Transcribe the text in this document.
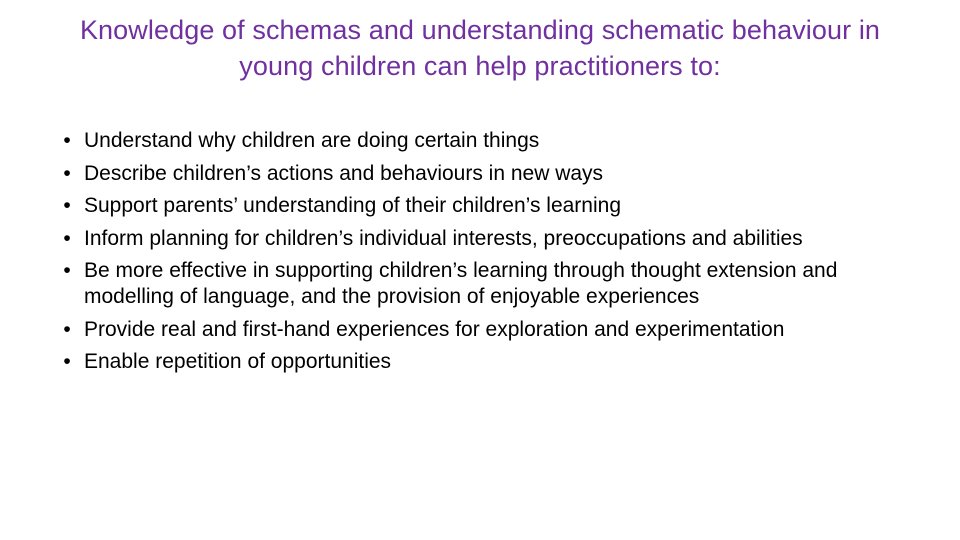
Knowledge of schemas and understanding schematic behaviour in young children can help practitioners to:
• Understand why children are doing certain things
• Describe children’s actions and behaviours in new ways
• Support parents’ understanding of their children’s learning
• Inform planning for children’s individual interests, preoccupations and abilities
• Be more effective in supporting children’s learning through thought extension and modelling of language, and the provision of enjoyable experiences
• Provide real and first-hand experiences for exploration and experimentation
• Enable repetition of opportunities
